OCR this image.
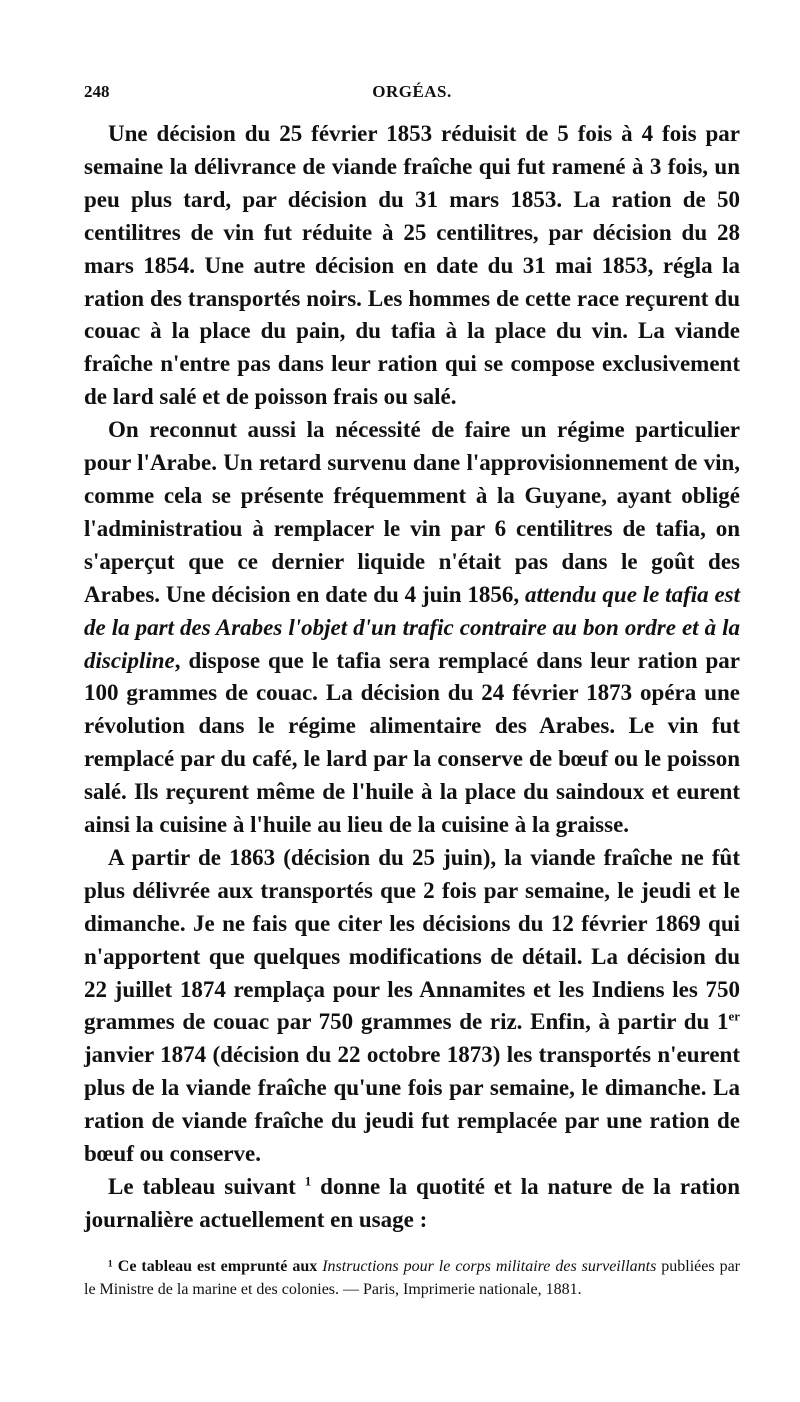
248	ORGÉAS.

Une décision du 25 février 1853 réduisit de 5 fois à 4 fois par semaine la délivrance de viande fraîche qui fut ramené à 3 fois, un peu plus tard, par décision du 31 mars 1853. La ration de 50 centilitres de vin fut réduite à 25 centilitres, par décision du 28 mars 1854. Une autre décision en date du 31 mai 1853, régla la ration des transportés noirs. Les hommes de cette race reçurent du couac à la place du pain, du tafia à la place du vin. La viande fraîche n'entre pas dans leur ration qui se compose exclusivement de lard salé et de poisson frais ou salé.

On reconnut aussi la nécessité de faire un régime particulier pour l'Arabe. Un retard survenu dane l'approvisionnement de vin, comme cela se présente fréquemment à la Guyane, ayant obligé l'administratiou à remplacer le vin par 6 centilitres de tafia, on s'aperçut que ce dernier liquide n'était pas dans le goût des Arabes. Une décision en date du 4 juin 1856, attendu que le tafia est de la part des Arabes l'objet d'un trafic contraire au bon ordre et à la discipline, dispose que le tafia sera remplacé dans leur ration par 100 grammes de couac. La décision du 24 février 1873 opéra une révolution dans le régime alimentaire des Arabes. Le vin fut remplacé par du café, le lard par la conserve de bœuf ou le poisson salé. Ils reçurent même de l'huile à la place du saindoux et eurent ainsi la cuisine à l'huile au lieu de la cuisine à la graisse.

A partir de 1863 (décision du 25 juin), la viande fraîche ne fût plus délivrée aux transportés que 2 fois par semaine, le jeudi et le dimanche. Je ne fais que citer les décisions du 12 février 1869 qui n'apportent que quelques modifications de détail. La décision du 22 juillet 1874 remplaça pour les Annamites et les Indiens les 750 grammes de couac par 750 grammes de riz. Enfin, à partir du 1er janvier 1874 (décision du 22 octobre 1873) les transportés n'eurent plus de la viande fraîche qu'une fois par semaine, le dimanche. La ration de viande fraîche du jeudi fut remplacée par une ration de bœuf ou conserve.

Le tableau suivant $^1$ donne la quotité et la nature de la ration journalière actuellement en usage :

¹ Ce tableau est emprunté aux Instructions pour le corps militaire des surveillants publiées par le Ministre de la marine et des colonies. — Paris, Imprimerie nationale, 1881.
